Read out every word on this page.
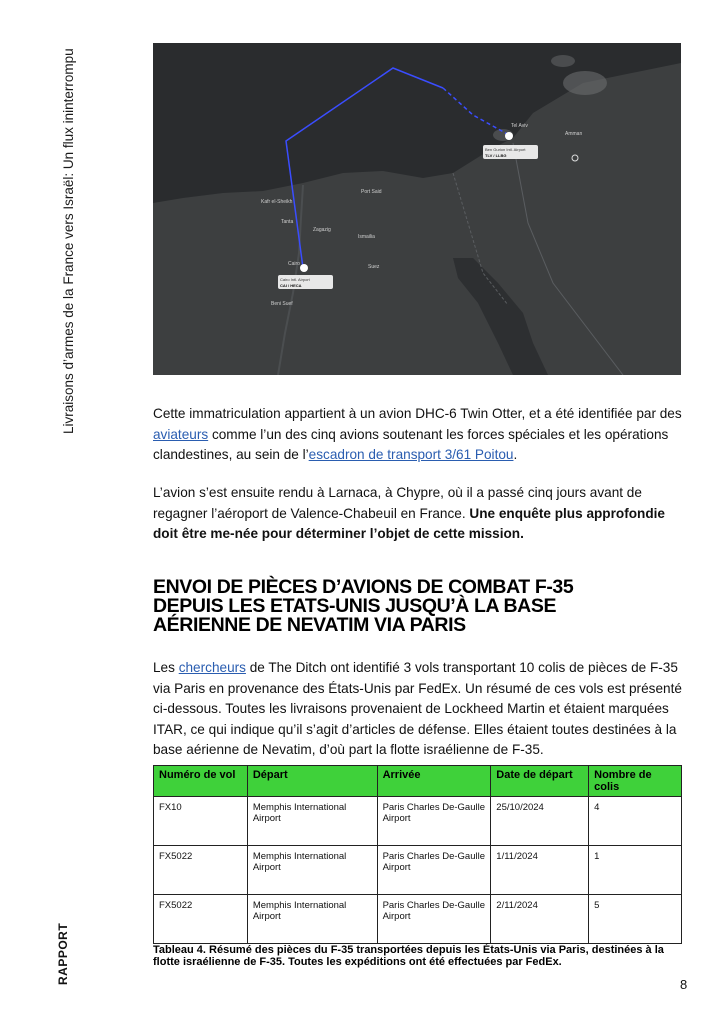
Livraisons d’armes de la France vers Israël: Un flux ininterrompu
RAPPORT
Ben Gurion Intl. Airport
TLV / LLBG
Cairo Intl. Airport
CAI / HECA
Tel Aviv
Amman
Cairo
Kafr el-Sheikh
Tanta
Zagazig
Ismailia
Suez
Port Said
Beni Suef
Cette immatriculation appartient à un avion DHC-6 Twin Otter, et a été identifiée par des aviateurs comme l’un des cinq avions soutenant les forces spéciales et les opérations clandestines, au sein de l’escadron de transport 3/61 Poitou.
L’avion s’est ensuite rendu à Larnaca, à Chypre, où il a passé cinq jours avant de regagner l’aéroport de Valence-Chabeuil en France. Une enquête plus approfondie doit être me-née pour déterminer l’objet de cette mission.
ENVOI DE PIÈCES D’AVIONS DE COMBAT F-35
DEPUIS LES ETATS-UNIS JUSQU’À LA BASE
AÉRIENNE DE NEVATIM VIA PARIS
Les chercheurs de The Ditch ont identifié 3 vols transportant 10 colis de pièces de F-35 via Paris en provenance des États-Unis par FedEx. Un résumé de ces vols est présenté ci-dessous. Toutes les livraisons provenaient de Lockheed Martin et étaient marquées ITAR, ce qui indique qu’il s’agit d’articles de défense. Elles étaient toutes destinées à la base aérienne de Nevatim, d’où part la flotte israélienne de F-35.
Numéro de vol	Départ	Arrivée	Date de départ	Nombre de colis
FX10	Memphis International Airport	Paris Charles De-Gaulle Airport	25/10/2024	4
FX5022	Memphis International Airport	Paris Charles De-Gaulle Airport	1/11/2024	1
FX5022	Memphis International Airport	Paris Charles De-Gaulle Airport	2/11/2024	5
Tableau 4. Résumé des pièces du F-35 transportées depuis les États-Unis via Paris, destinées à la flotte israélienne de F-35. Toutes les expéditions ont été effectuées par FedEx.
8
